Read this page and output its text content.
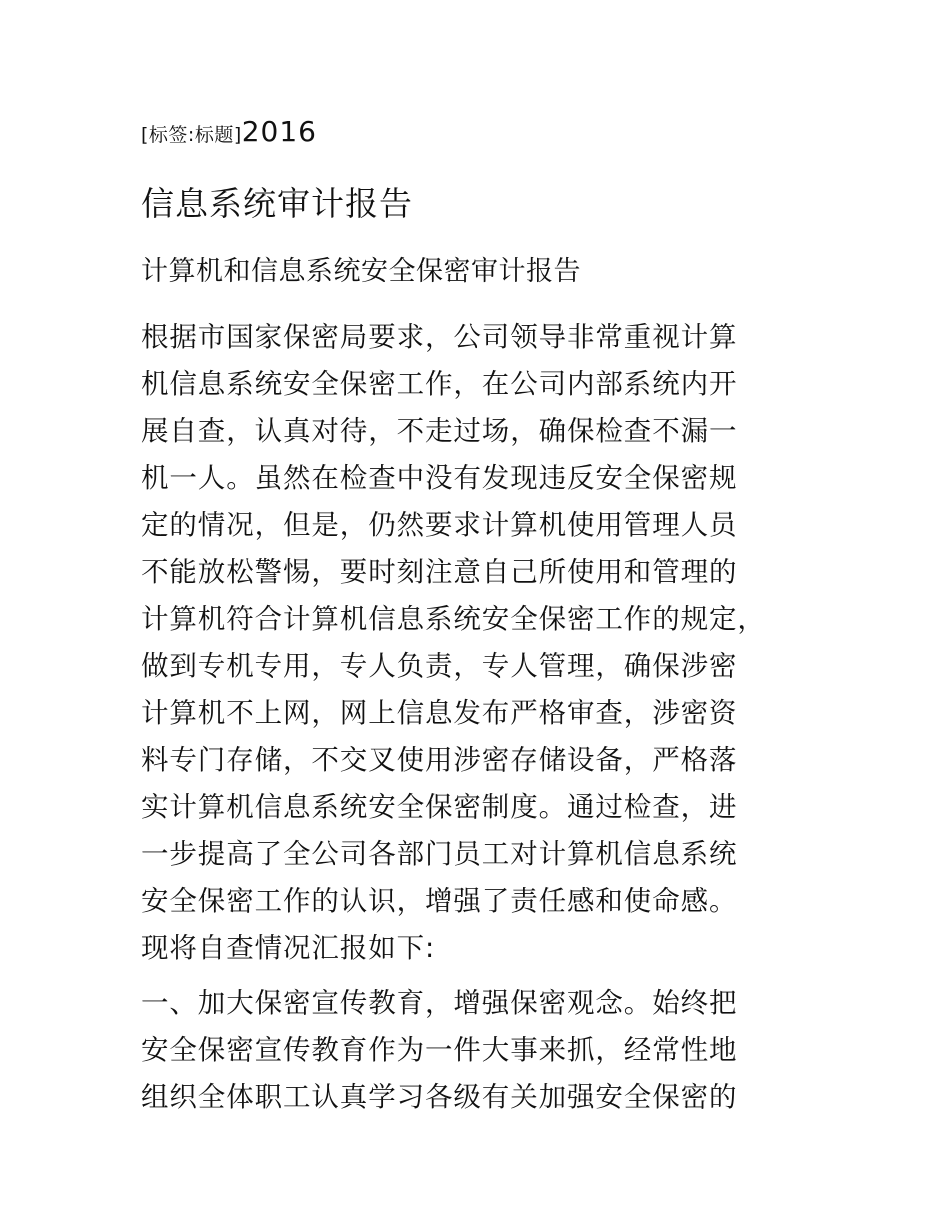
[标签:标题]2016
信息系统审计报告
计算机和信息系统安全保密审计报告

根据市国家保密局要求，公司领导非常重视计算
机信息系统安全保密工作，在公司内部系统内开
展自查，认真对待，不走过场，确保检查不漏一
机一人。虽然在检查中没有发现违反安全保密规
定的情况，但是，仍然要求计算机使用管理人员
不能放松警惕，要时刻注意自己所使用和管理的
计算机符合计算机信息系统安全保密工作的规定，
做到专机专用，专人负责，专人管理，确保涉密
计算机不上网，网上信息发布严格审查，涉密资
料专门存储，不交叉使用涉密存储设备，严格落
实计算机信息系统安全保密制度。通过检查，进
一步提高了全公司各部门员工对计算机信息系统
安全保密工作的认识，增强了责任感和使命感。
现将自查情况汇报如下:

一、加大保密宣传教育，增强保密观念。始终把
安全保密宣传教育作为一件大事来抓，经常性地
组织全体职工认真学习各级有关加强安全保密的
